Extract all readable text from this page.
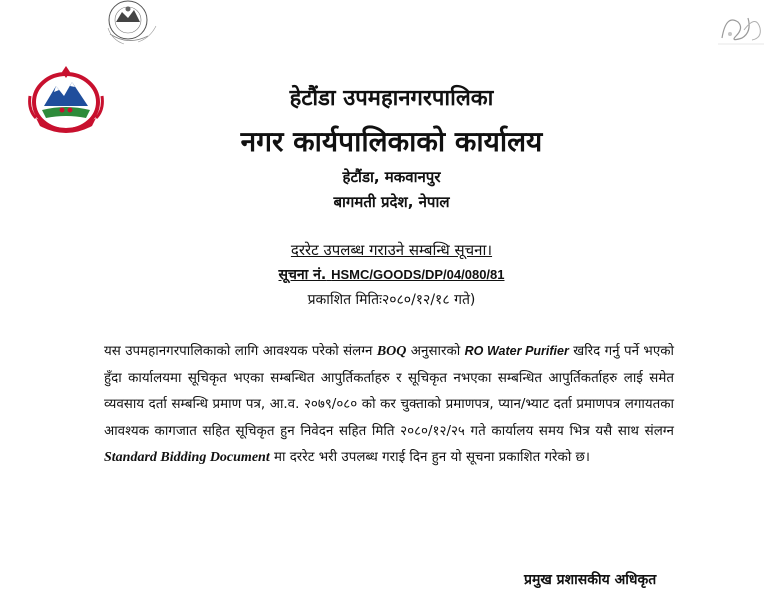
हेटौंडा उपमहानगरपालिका
नगर कार्यपालिकाको कार्यालय
हेटौंडा, मकवानपुर
बागमती प्रदेश, नेपाल
दररेट उपलब्ध गराउने सम्बन्धि सूचना।
सूचना नं. HSMC/GOODS/DP/04/080/81
प्रकाशित मितिः२०८०/१२/१८ गते)
यस उपमहानगरपालिकाको लागि आवश्यक परेको संलग्न BOQ अनुसारको RO Water Purifier खरिद गर्नु पर्ने भएको हुँदा कार्यालयमा सूचिकृत भएका सम्बन्धित आपुर्तिकर्ताहरु र सूचिकृत नभएका सम्बन्धित आपुर्तिकर्ताहरु लाई समेत व्यवसाय दर्ता सम्बन्धि प्रमाण पत्र, आ.व. २०७९/०८० को कर चुक्ताको प्रमाणपत्र, प्यान/भ्याट दर्ता प्रमाणपत्र लगायतका आवश्यक कागजात सहित सूचिकृत हुन निवेदन सहित मिति २०८०/१२/२५ गते कार्यालय समय भित्र यसै साथ संलग्न Standard Bidding Document मा दररेट भरी उपलब्ध गराई दिन हुन यो सूचना प्रकाशित गरेको छ।
प्रमुख प्रशासकीय अधिकृत
